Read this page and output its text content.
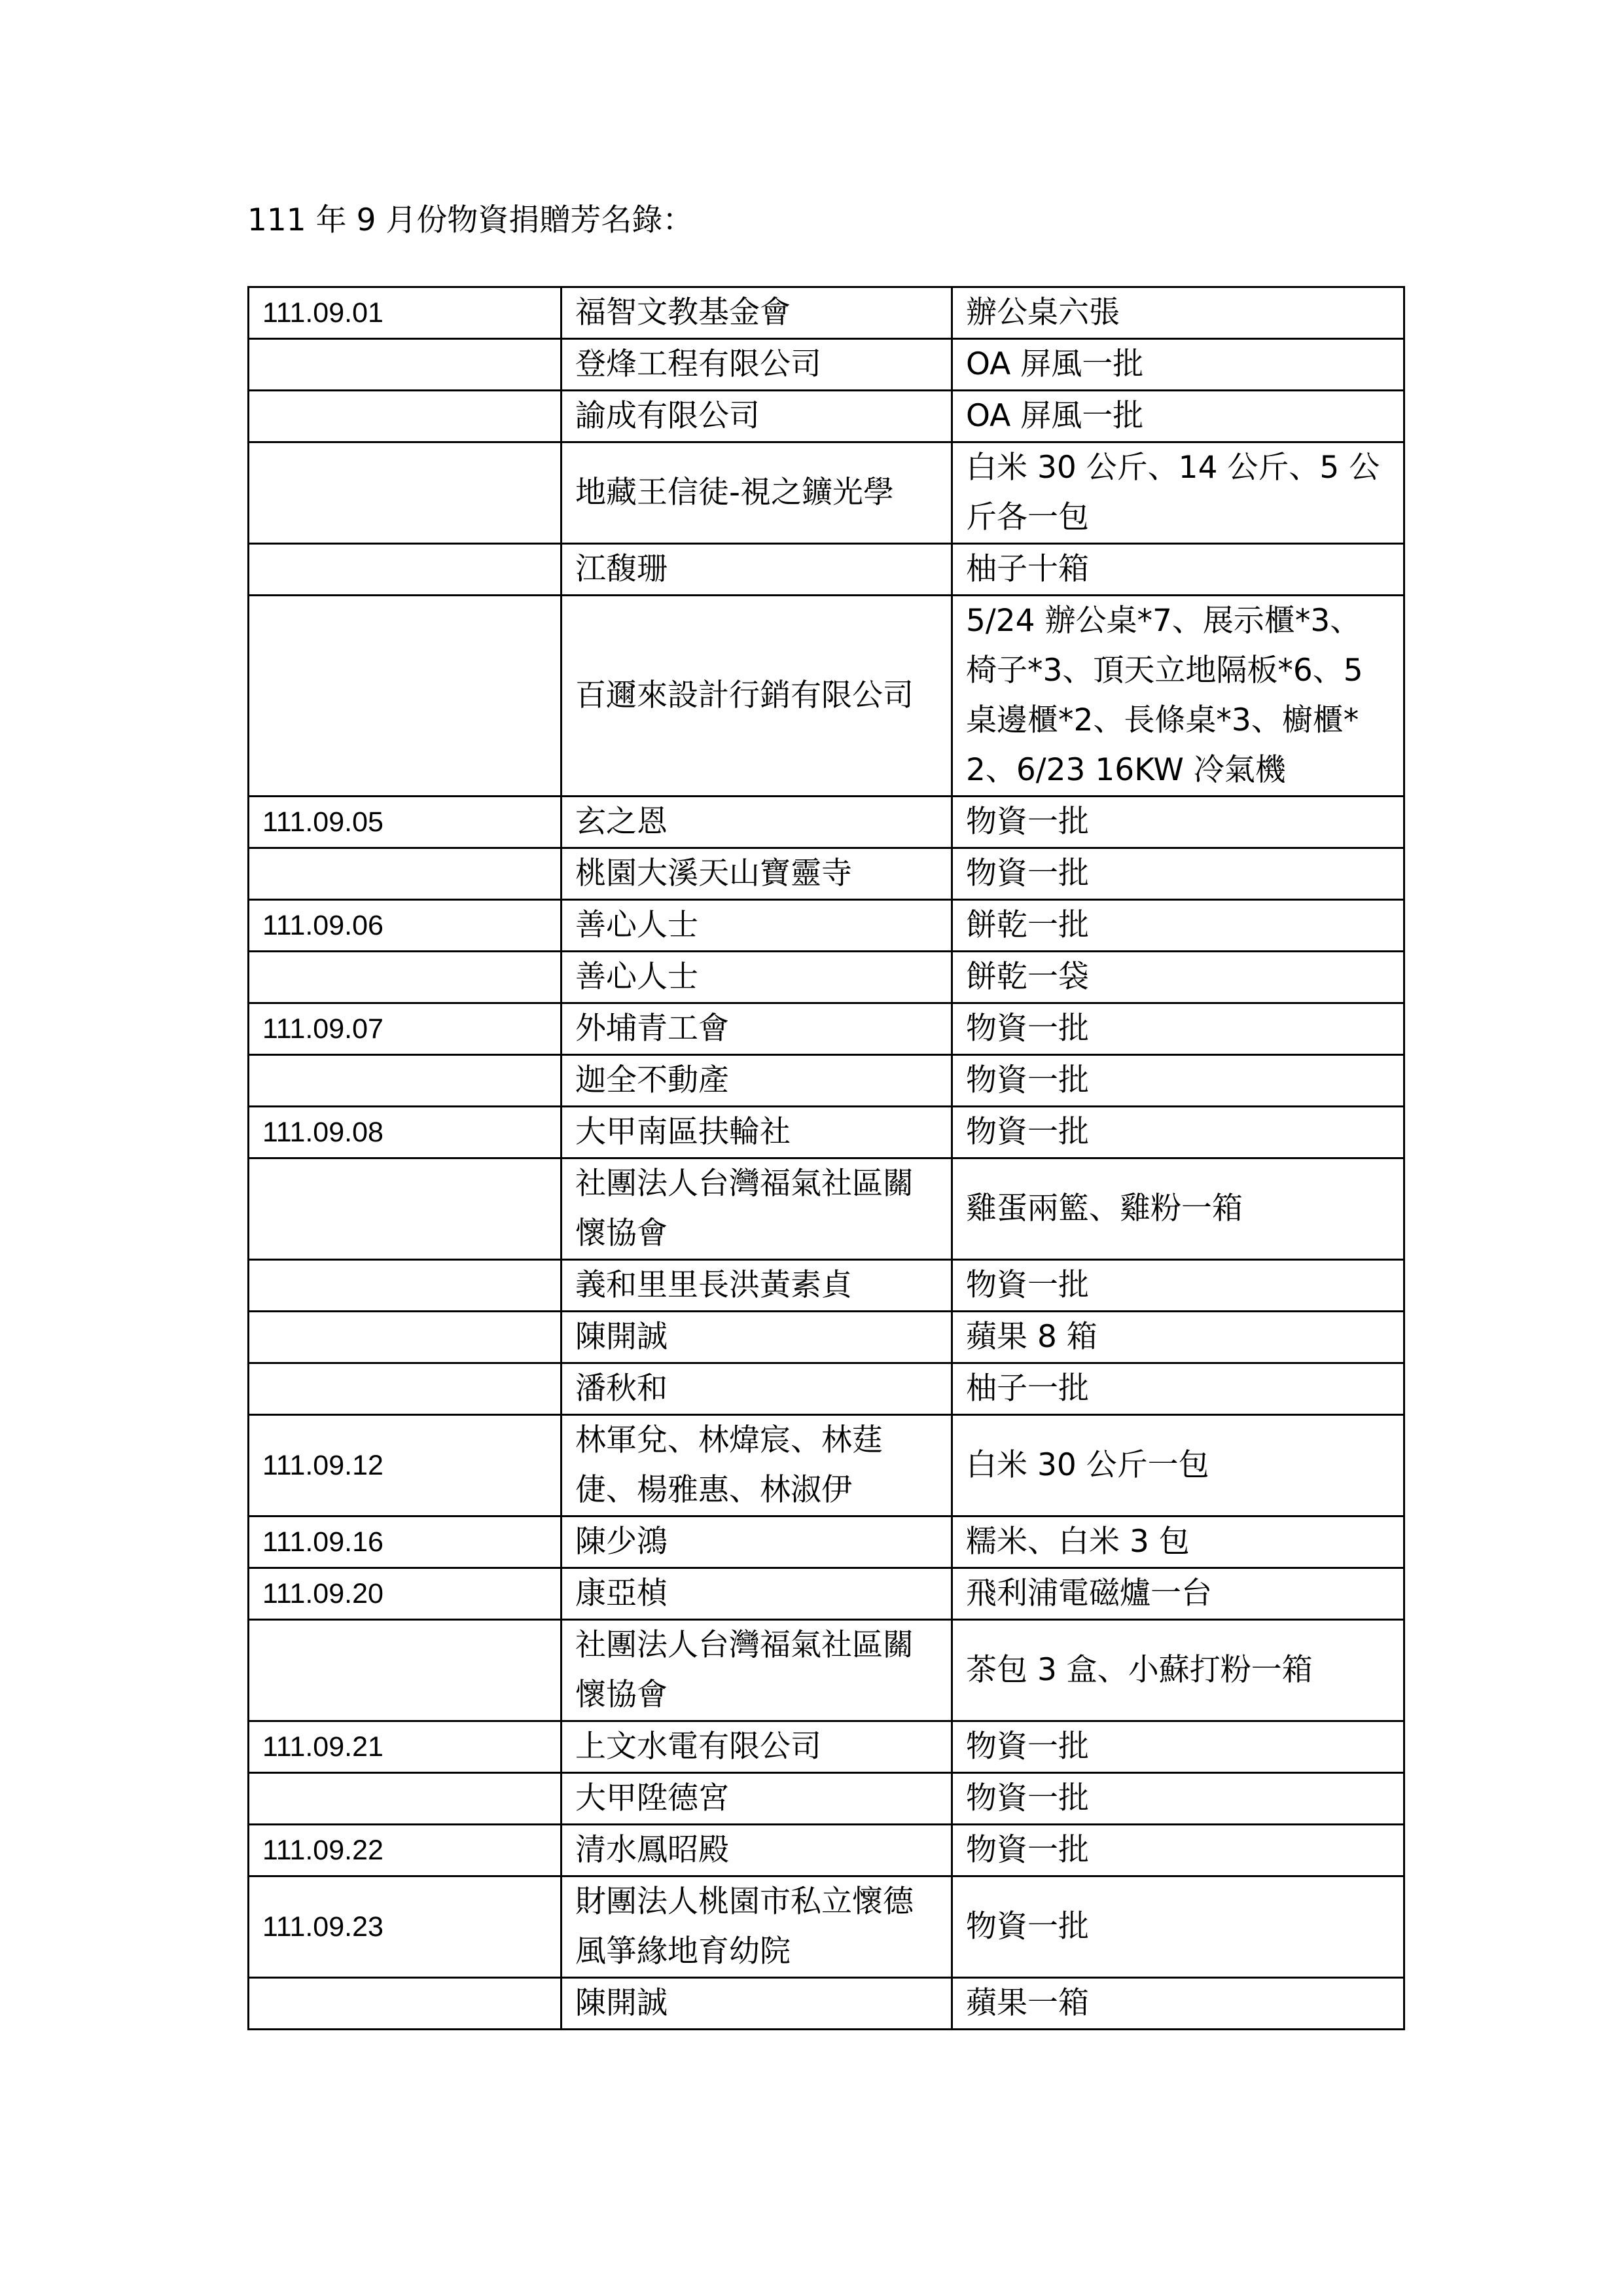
111 年 9 月份物資捐贈芳名錄：
111.09.01	福智文教基金會	辦公桌六張
	登烽工程有限公司	OA 屏風一批
	諭成有限公司	OA 屏風一批
	地藏王信徒-視之鑛光學	白米 30 公斤、14 公斤、5 公斤各一包
	江馥珊	柚子十箱
	百邇來設計行銷有限公司	5/24 辦公桌*7、展示櫃*3、椅子*3、頂天立地隔板*6、5 桌邊櫃*2、長條桌*3、櫥櫃*2、6/23 16KW 冷氣機
111.09.05	玄之恩	物資一批
	桃園大溪天山寶靈寺	物資一批
111.09.06	善心人士	餅乾一批
	善心人士	餅乾一袋
111.09.07	外埔青工會	物資一批
	迦全不動產	物資一批
111.09.08	大甲南區扶輪社	物資一批
	社團法人台灣福氣社區關懷協會	雞蛋兩籃、雞粉一箱
	義和里里長洪黃素貞	物資一批
	陳開誠	蘋果 8 箱
	潘秋和	柚子一批
111.09.12	林軍兌、林煒宸、林莛倢、楊雅惠、林淑伊	白米 30 公斤一包
111.09.16	陳少鴻	糯米、白米 3 包
111.09.20	康亞楨	飛利浦電磁爐一台
	社團法人台灣福氣社區關懷協會	茶包 3 盒、小蘇打粉一箱
111.09.21	上文水電有限公司	物資一批
	大甲陞德宮	物資一批
111.09.22	清水鳳昭殿	物資一批
111.09.23	財團法人桃園市私立懷德風箏緣地育幼院	物資一批
	陳開誠	蘋果一箱
